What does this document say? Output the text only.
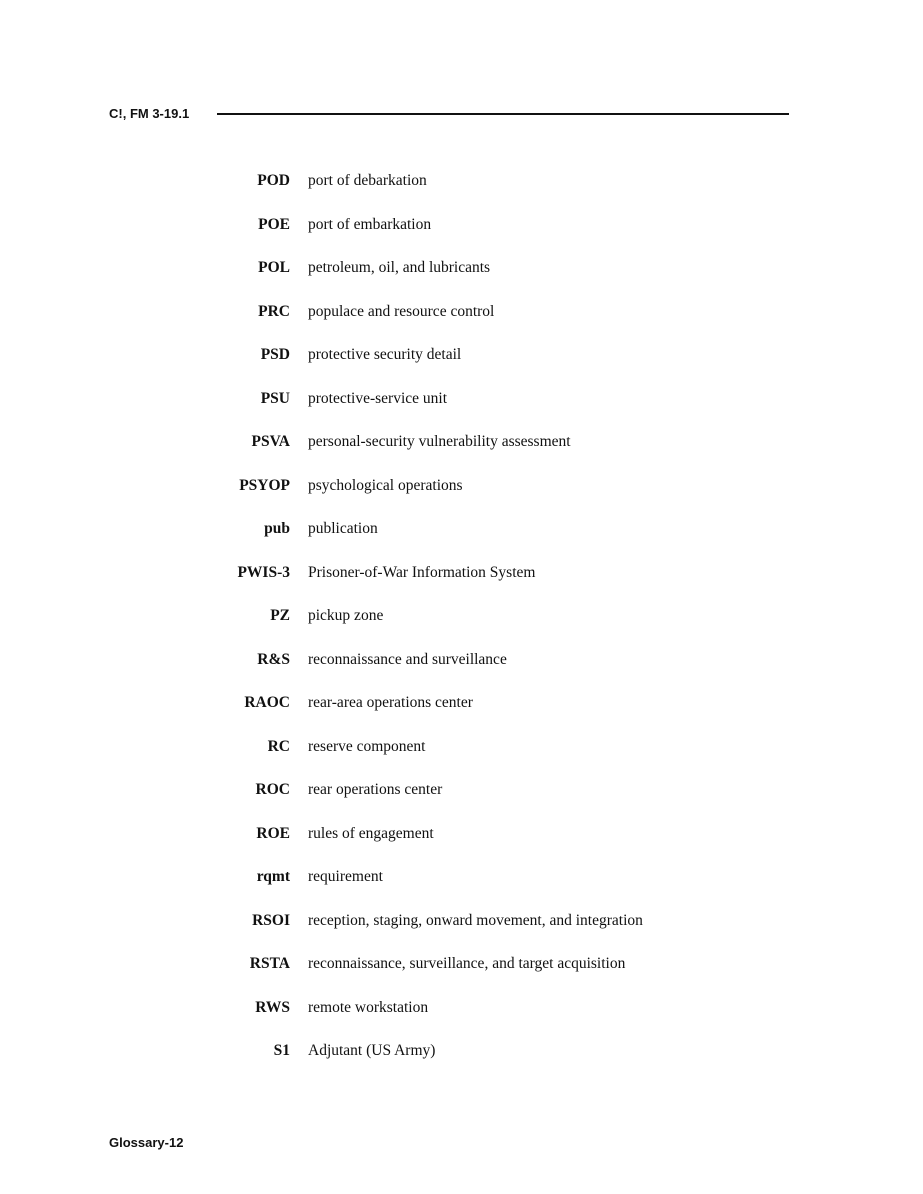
C!, FM 3-19.1
POD port of debarkation
POE port of embarkation
POL petroleum, oil, and lubricants
PRC populace and resource control
PSD protective security detail
PSU protective-service unit
PSVA personal-security vulnerability assessment
PSYOP psychological operations
pub publication
PWIS-3 Prisoner-of-War Information System
PZ pickup zone
R&S reconnaissance and surveillance
RAOC rear-area operations center
RC reserve component
ROC rear operations center
ROE rules of engagement
rqmt requirement
RSOI reception, staging, onward movement, and integration
RSTA reconnaissance, surveillance, and target acquisition
RWS remote workstation
S1 Adjutant (US Army)
Glossary-12
